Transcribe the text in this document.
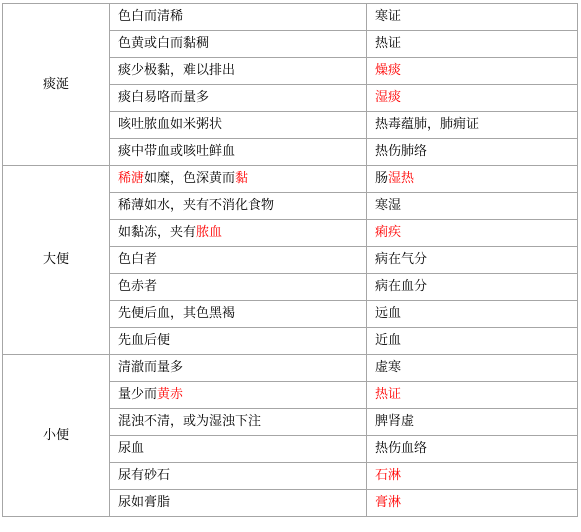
痰涎	色白而清稀	寒证
	色黄或白而黏稠	热证
	痰少极黏，难以排出	燥痰
	痰白易咯而量多	湿痰
	咳吐脓血如米粥状	热毒蕴肺，肺痈证
	痰中带血或咳吐鲜血	热伤肺络
大便	稀溏如糜，色深黄而黏	肠湿热
	稀薄如水，夹有不消化食物	寒湿
	如黏冻，夹有脓血	痢疾
	色白者	病在气分
	色赤者	病在血分
	先便后血，其色黑褐	远血
	先血后便	近血
小便	清澈而量多	虚寒
	量少而黄赤	热证
	混浊不清，或为湿浊下注	脾肾虚
	尿血	热伤血络
	尿有砂石	石淋
	尿如膏脂	膏淋
